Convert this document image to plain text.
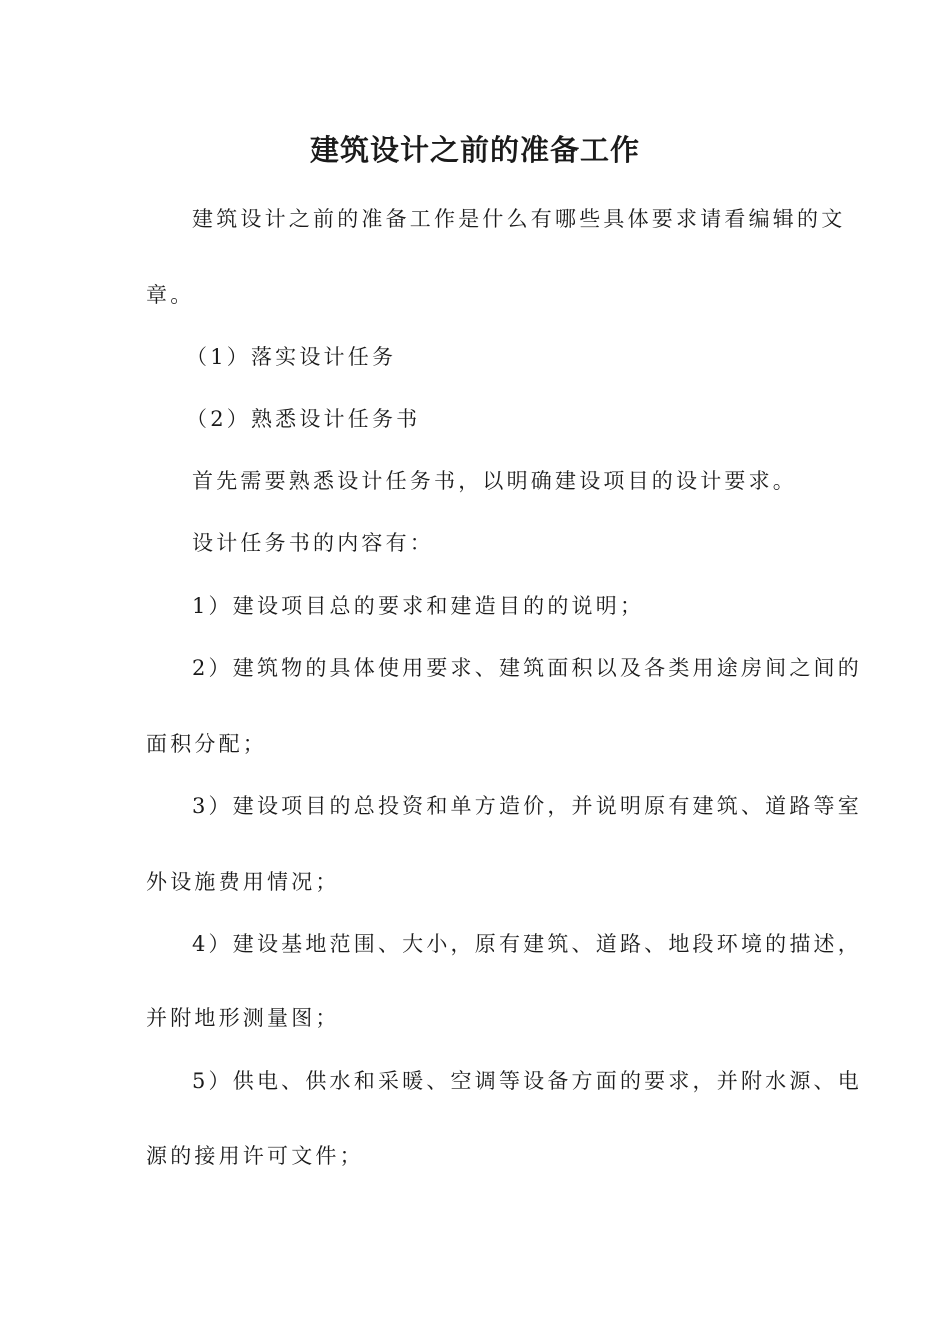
建筑设计之前的准备工作
建筑设计之前的准备工作是什么有哪些具体要求请看编辑的文
章。
（1）落实设计任务
（2）熟悉设计任务书
首先需要熟悉设计任务书，以明确建设项目的设计要求。
设计任务书的内容有：
1）建设项目总的要求和建造目的的说明；
2）建筑物的具体使用要求、建筑面积以及各类用途房间之间的
面积分配；
3）建设项目的总投资和单方造价，并说明原有建筑、道路等室
外设施费用情况；
4）建设基地范围、大小，原有建筑、道路、地段环境的描述，
并附地形测量图；
5）供电、供水和采暖、空调等设备方面的要求，并附水源、电
源的接用许可文件；
